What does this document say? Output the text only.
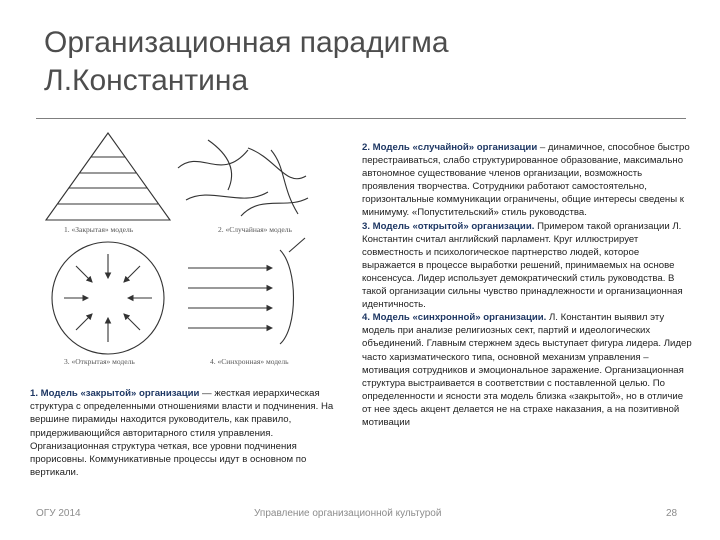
Организационная парадигма
Л.Константина
1. «Закрытая» модель	2. «Случайная» модель
3. «Открытая» модель	4. «Синхронная» модель
1. Модель «закрытой» организации — жесткая иерархическая структура с определенными отношениями власти и подчинения. На вершине пирамиды находится руководитель, как правило, придерживающийся авторитарного стиля управления. Организационная структура четкая, все уровни подчинения прорисовны. Коммуникативные процессы идут в основном по вертикали.

2. Модель «случайной» организации – динамичное, способное быстро перестраиваться, слабо структурированное образование, максимально автономное существование членов организации, возможность проявления творчества. Сотрудники работают самостоятельно, горизонтальные коммуникации ограничены, общие интересы сведены к минимуму. «Попустительский» стиль руководства.

3. Модель «открытой» организации. Примером такой организации Л. Константин считал английский парламент. Круг иллюстрирует совместность и психологическое партнерство людей, которое выражается в процессе выработки решений, принимаемых на основе консенсуса. Лидер использует демократический стиль руководства. В такой организации сильны чувство принадлежности и организационная идентичность.

4. Модель «синхронной» организации. Л. Константин выявил эту модель при анализе религиозных сект, партий и идеологических объединений. Главным стержнем здесь выступает фигура лидера. Лидер часто харизматического типа, основной механизм управления – мотивация сотрудников и эмоциональное заражение. Организационная структура выстраивается в соответствии с поставленной целью. По определенности и ясности эта модель близка «закрытой», но в отличие от нее здесь акцент делается не на страхе наказания, а на позитивной мотивации

ОГУ 2014	Управление организационной культурой	28
